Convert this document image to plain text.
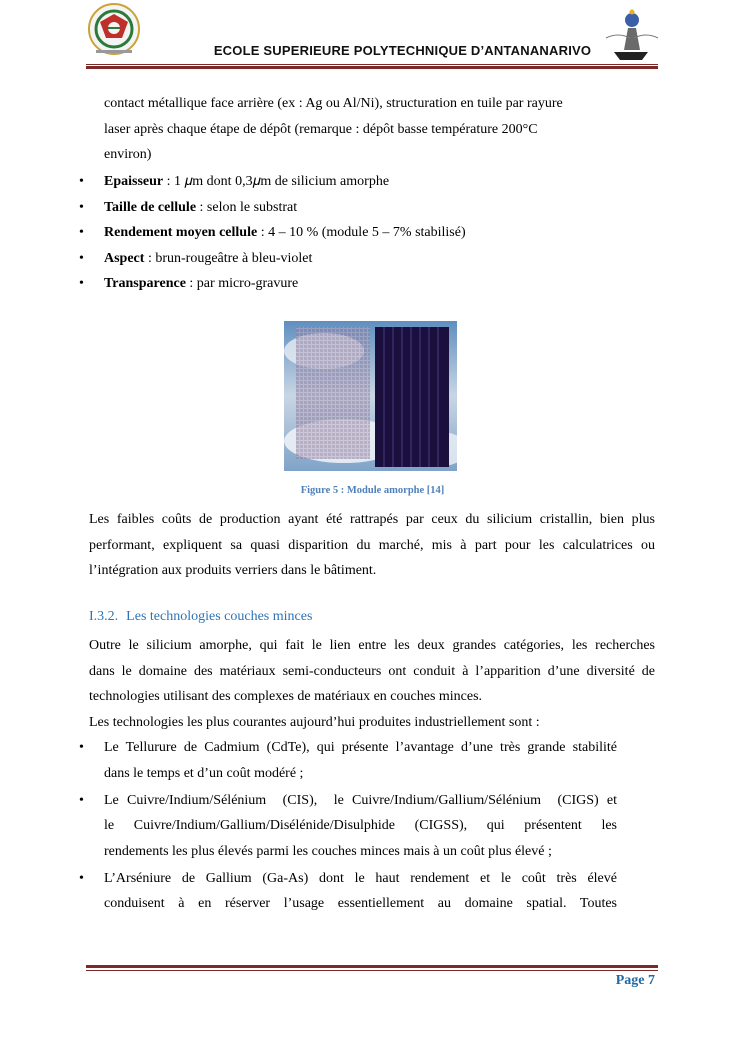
ECOLE SUPERIEURE POLYTECHNIQUE D’ANTANANARIVO
contact métallique face arrière (ex : Ag ou Al/Ni), structuration en tuile par rayure
laser après chaque étape de dépôt (remarque : dépôt basse température 200°C
environ)
• Epaisseur : 1 𝜇m dont 0,3𝜇m de silicium amorphe
• Taille de cellule : selon le substrat
• Rendement moyen cellule : 4 – 10 % (module 5 – 7% stabilisé)
• Aspect : brun-rougeâtre à bleu-violet
• Transparence : par micro-gravure
Figure 5 : Module amorphe [14]
Les faibles coûts de production ayant été rattrapés par ceux du silicium cristallin, bien plus
performant, expliquent sa quasi disparition du marché, mis à part pour les calculatrices ou
l’intégration aux produits verriers dans le bâtiment.
I.3.2. Les technologies couches minces
Outre le silicium amorphe, qui fait le lien entre les deux grandes catégories, les recherches
dans le domaine des matériaux semi-conducteurs ont conduit à l’apparition d’une diversité de
technologies utilisant des complexes de matériaux en couches minces.
Les technologies les plus courantes aujourd’hui produites industriellement sont :
• Le Tellurure de Cadmium (CdTe), qui présente l’avantage d’une très grande stabilité
dans le temps et d’un coût modéré ;
• Le Cuivre/Indium/Sélénium  (CIS),  le Cuivre/Indium/Gallium/Sélénium  (CIGS) et
le Cuivre/Indium/Gallium/Disélénide/Disulphide (CIGSS), qui présentent les
rendements les plus élevés parmi les couches minces mais à un coût plus élevé ;
• L’Arséniure de Gallium (Ga-As) dont le haut rendement et le coût très élevé
conduisent à en réserver l’usage essentiellement au domaine spatial. Toutes
Page 7
